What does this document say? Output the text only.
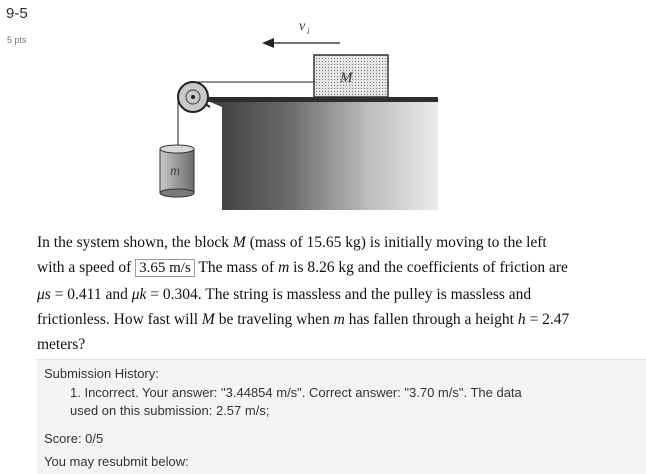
9-5
5 pts
v i
M
m
In the system shown, the block M (mass of 15.65 kg) is initially moving to the left with a speed of 3.65 m/s The mass of m is 8.26 kg and the coefficients of friction are μs = 0.411 and μk = 0.304. The string is massless and the pulley is massless and frictionless. How fast will M be traveling when m has fallen through a height h = 2.47 meters?
Submission History:
1. Incorrect. Your answer: "3.44854 m/s". Correct answer: "3.70 m/s". The data used on this submission: 2.57 m/s;
Score: 0/5
You may resubmit below:
